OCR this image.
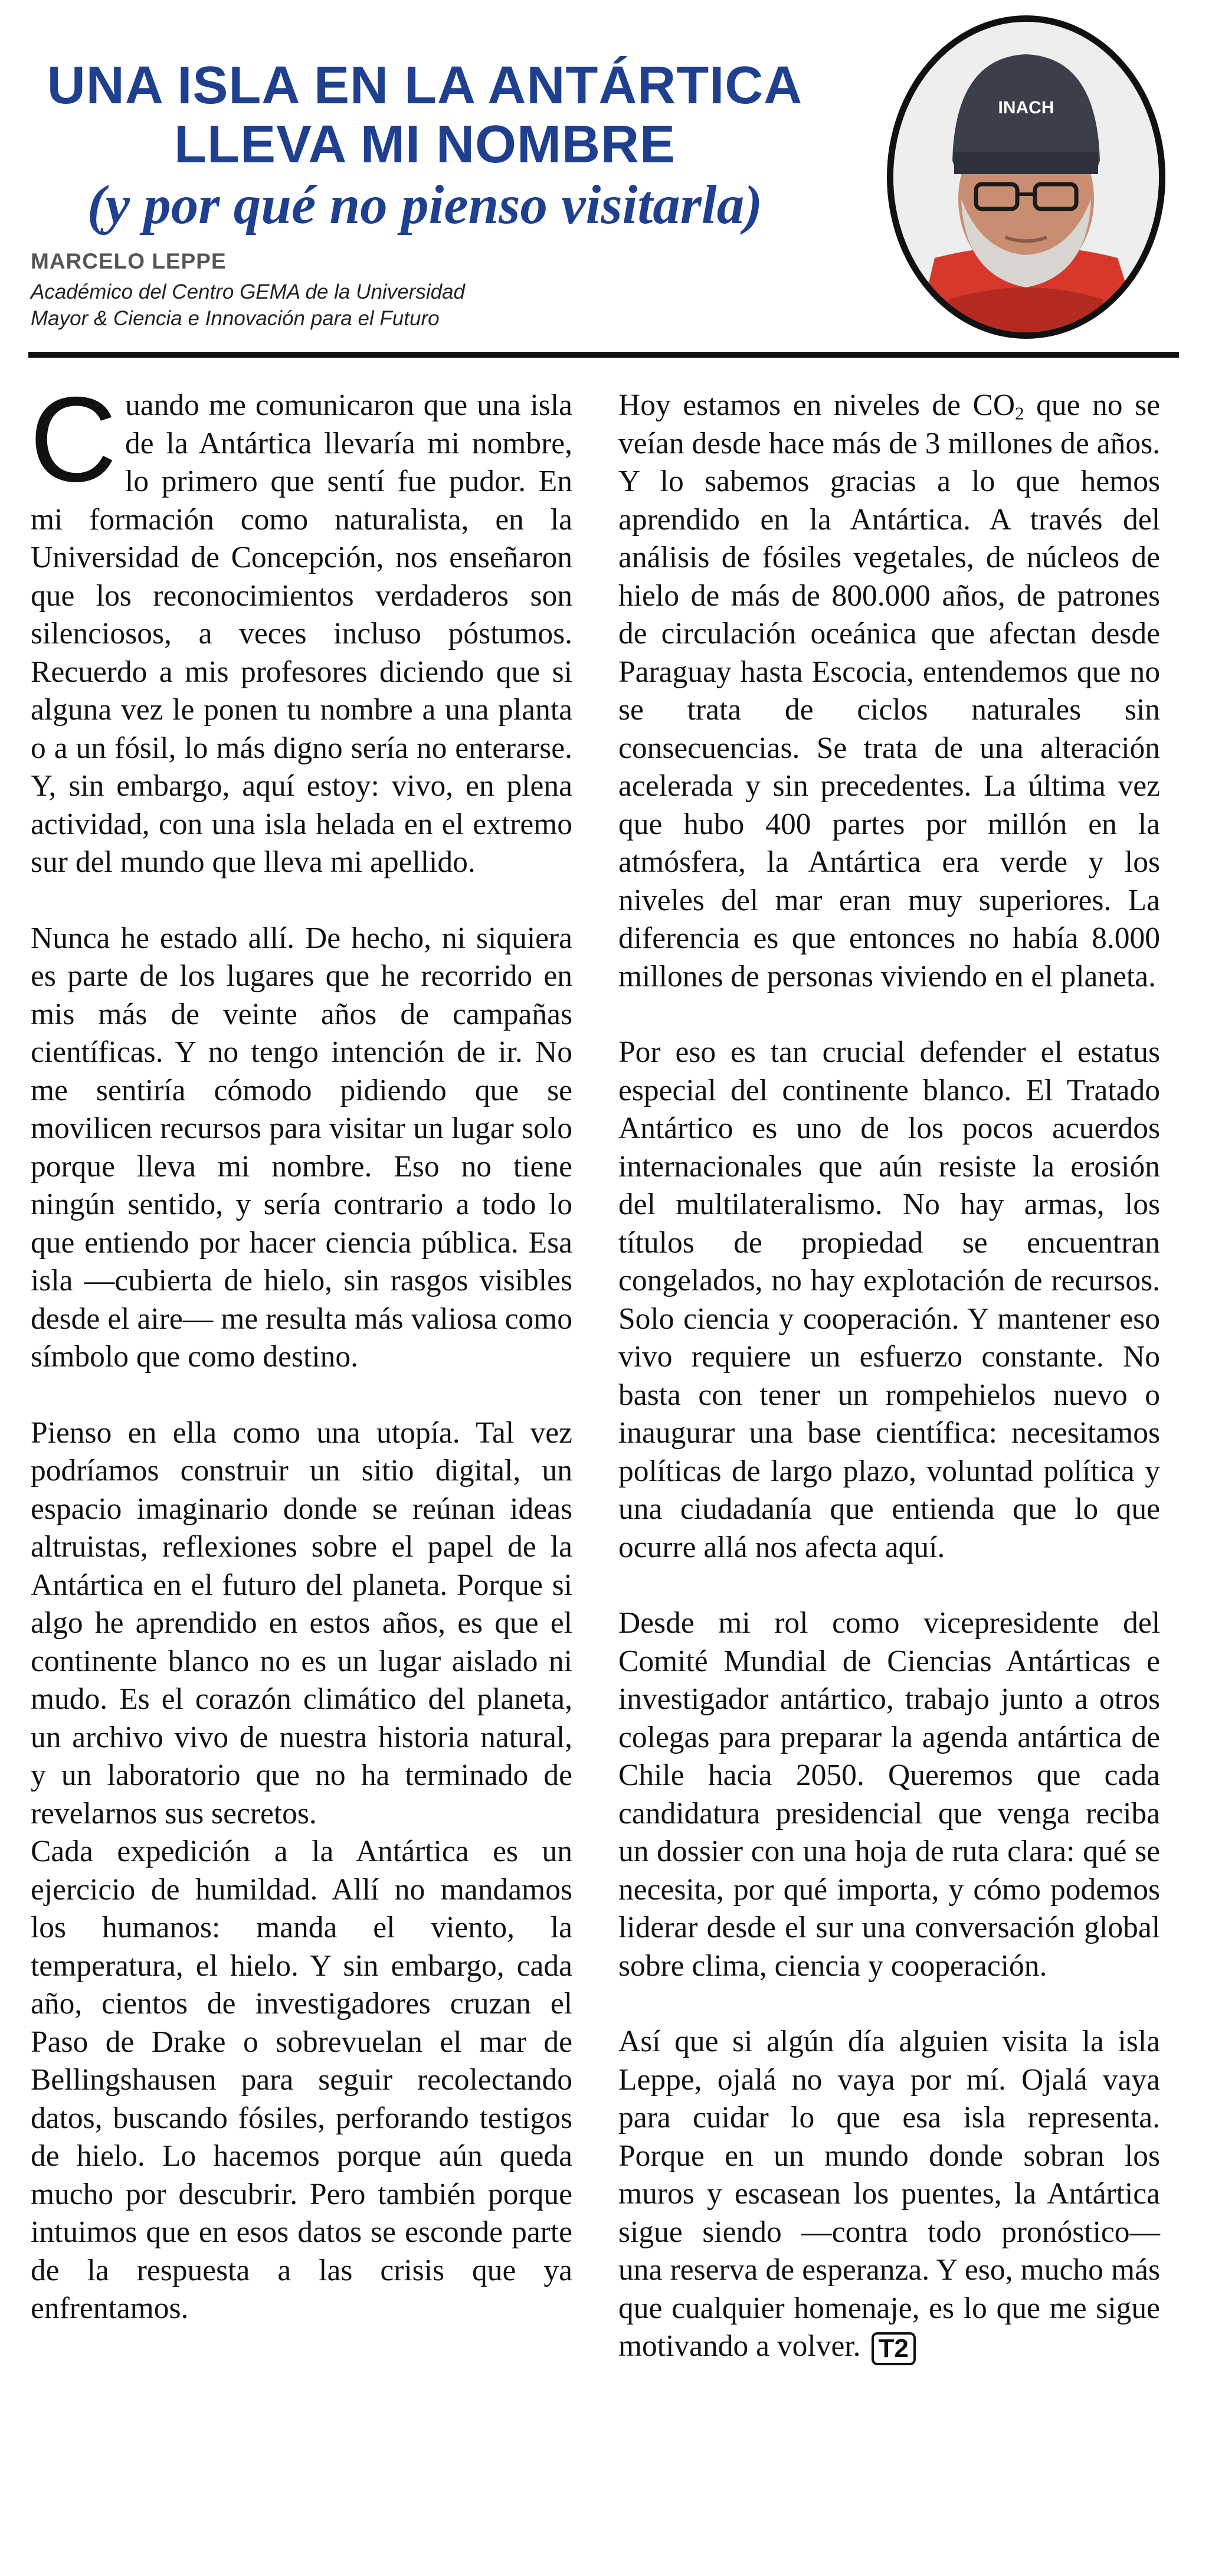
UNA ISLA EN LA ANTÁRTICA
LLEVA MI NOMBRE
(y por qué no pienso visitarla)
MARCELO LEPPE
Académico del Centro GEMA de la Universidad
Mayor & Ciencia e Innovación para el Futuro
INACH

Cuando me comunicaron que una isla de la Antártica llevaría mi nombre, lo primero que sentí fue pudor. En mi formación como naturalista, en la Universidad de Concepción, nos enseñaron que los reconocimientos verdaderos son silenciosos, a veces incluso póstumos. Recuerdo a mis profesores diciendo que si alguna vez le ponen tu nombre a una planta o a un fósil, lo más digno sería no enterarse. Y, sin embargo, aquí estoy: vivo, en plena actividad, con una isla helada en el extremo sur del mundo que lleva mi apellido.

Nunca he estado allí. De hecho, ni siquiera es parte de los lugares que he recorrido en mis más de veinte años de campañas científicas. Y no tengo intención de ir. No me sentiría cómodo pidiendo que se movilicen recursos para visitar un lugar solo porque lleva mi nombre. Eso no tiene ningún sentido, y sería contrario a todo lo que entiendo por hacer ciencia pública. Esa isla —cubierta de hielo, sin rasgos visibles desde el aire— me resulta más valiosa como símbolo que como destino.

Pienso en ella como una utopía. Tal vez podríamos construir un sitio digital, un espacio imaginario donde se reúnan ideas altruistas, reflexiones sobre el papel de la Antártica en el futuro del planeta. Porque si algo he aprendido en estos años, es que el continente blanco no es un lugar aislado ni mudo. Es el corazón climático del planeta, un archivo vivo de nuestra historia natural, y un laboratorio que no ha terminado de revelarnos sus secretos.

Cada expedición a la Antártica es un ejercicio de humildad. Allí no mandamos los humanos: manda el viento, la temperatura, el hielo. Y sin embargo, cada año, cientos de investigadores cruzan el Paso de Drake o sobrevuelan el mar de Bellingshausen para seguir recolectando datos, buscando fósiles, perforando testigos de hielo. Lo hacemos porque aún queda mucho por descubrir. Pero también porque intuimos que en esos datos se esconde parte de la respuesta a las crisis que ya enfrentamos.

Hoy estamos en niveles de $CO_2$ que no se veían desde hace más de 3 millones de años. Y lo sabemos gracias a lo que hemos aprendido en la Antártica. A través del análisis de fósiles vegetales, de núcleos de hielo de más de 800.000 años, de patrones de circulación oceánica que afectan desde Paraguay hasta Escocia, entendemos que no se trata de ciclos naturales sin consecuencias. Se trata de una alteración acelerada y sin precedentes. La última vez que hubo 400 partes por millón en la atmósfera, la Antártica era verde y los niveles del mar eran muy superiores. La diferencia es que entonces no había 8.000 millones de personas viviendo en el planeta.

Por eso es tan crucial defender el estatus especial del continente blanco. El Tratado Antártico es uno de los pocos acuerdos internacionales que aún resiste la erosión del multilateralismo. No hay armas, los títulos de propiedad se encuentran congelados, no hay explotación de recursos. Solo ciencia y cooperación. Y mantener eso vivo requiere un esfuerzo constante. No basta con tener un rompehielos nuevo o inaugurar una base científica: necesitamos políticas de largo plazo, voluntad política y una ciudadanía que entienda que lo que ocurre allá nos afecta aquí.

Desde mi rol como vicepresidente del Comité Mundial de Ciencias Antárticas e investigador antártico, trabajo junto a otros colegas para preparar la agenda antártica de Chile hacia 2050. Queremos que cada candidatura presidencial que venga reciba un dossier con una hoja de ruta clara: qué se necesita, por qué importa, y cómo podemos liderar desde el sur una conversación global sobre clima, ciencia y cooperación.

Así que si algún día alguien visita la isla Leppe, ojalá no vaya por mí. Ojalá vaya para cuidar lo que esa isla representa. Porque en un mundo donde sobran los muros y escasean los puentes, la Antártica sigue siendo —contra todo pronóstico— una reserva de esperanza. Y eso, mucho más que cualquier homenaje, es lo que me sigue motivando a volver. T2
